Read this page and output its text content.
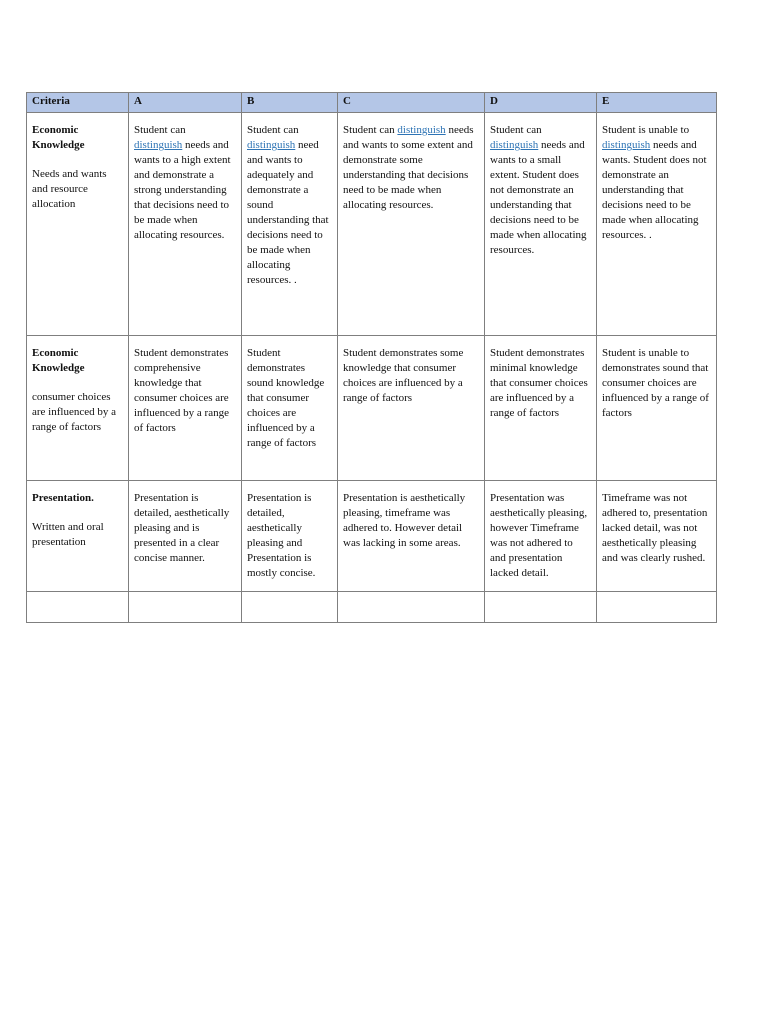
Criteria	A	B	C	D	E

Economic Knowledge
Needs and wants and resource allocation	Student can distinguish needs and wants to a high extent and demonstrate a strong understanding that decisions need to be made when allocating resources.	Student can distinguish need and wants to adequately and demonstrate a sound understanding that decisions need to be made when allocating resources. .	Student can distinguish needs and wants to some extent and demonstrate some understanding that decisions need to be made when allocating resources.	Student can distinguish needs and wants to a small extent. Student does not demonstrate an understanding that decisions need to be made when allocating resources.	Student is unable to distinguish needs and wants. Student does not demonstrate an understanding that decisions need to be made when allocating resources. .

Economic Knowledge
consumer choices are influenced by a range of factors	Student demonstrates comprehensive knowledge that consumer choices are influenced by a range of factors	Student demonstrates sound knowledge that consumer choices are influenced by a range of factors	Student demonstrates some knowledge that consumer choices are influenced by a range of factors	Student demonstrates minimal knowledge that consumer choices are influenced by a range of factors	Student is unable to demonstrates sound that consumer choices are influenced by a range of factors

Presentation.
Written and oral presentation	Presentation is detailed, aesthetically pleasing and is presented in a clear concise manner.	Presentation is detailed, aesthetically pleasing and Presentation is mostly concise.	Presentation is aesthetically pleasing, timeframe was adhered to. However detail was lacking in some areas.	Presentation was aesthetically pleasing, however Timeframe was not adhered to and presentation lacked detail.	Timeframe was not adhered to, presentation lacked detail, was not aesthetically pleasing and was clearly rushed.
